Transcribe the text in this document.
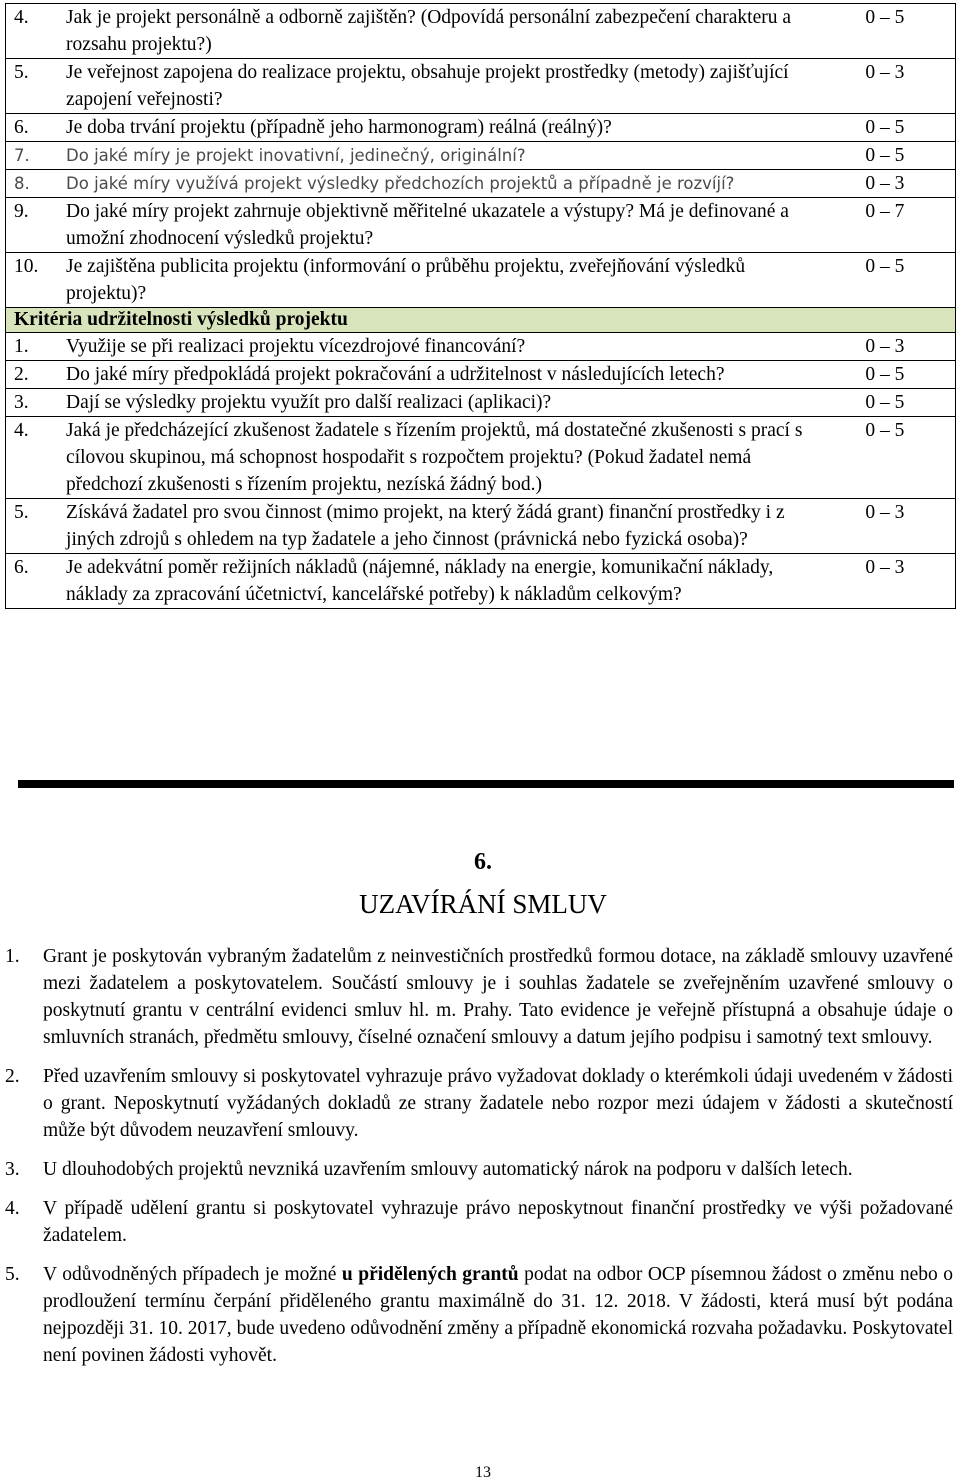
4.	Jak je projekt personálně a odborně zajištěn? (Odpovídá personální zabezpečení charakteru a rozsahu projektu?)	0 – 5
5.	Je veřejnost zapojena do realizace projektu, obsahuje projekt prostředky (metody) zajišťující zapojení veřejnosti?	0 – 3
6.	Je doba trvání projektu (případně jeho harmonogram) reálná (reálný)?	0 – 5
7.	Do jaké míry je projekt inovativní, jedinečný, originální?	0 – 5
8.	Do jaké míry využívá projekt výsledky předchozích projektů a případně je rozvíjí?	0 – 3
9.	Do jaké míry projekt zahrnuje objektivně měřitelné ukazatele a výstupy? Má je definované a umožní zhodnocení výsledků projektu?	0 – 7
10.	Je zajištěna publicita projektu (informování o průběhu projektu, zveřejňování výsledků projektu)?	0 – 5
Kritéria udržitelnosti výsledků projektu		
1.	Využije se při realizaci projektu vícezdrojové financování?	0 – 3
2.	Do jaké míry předpokládá projekt pokračování a udržitelnost v následujících letech?	0 – 5
3.	Dají se výsledky projektu využít pro další realizaci (aplikaci)?	0 – 5
4.	Jaká je předcházející zkušenost žadatele s řízením projektů, má dostatečné zkušenosti s prací s cílovou skupinou, má schopnost hospodařit s rozpočtem projektu? (Pokud žadatel nemá předchozí zkušenosti s řízením projektu, nezíská žádný bod.)	0 – 5
5.	Získává žadatel pro svou činnost (mimo projekt, na který žádá grant) finanční prostředky i z jiných zdrojů s ohledem na typ žadatele a jeho činnost (právnická nebo fyzická osoba)?	0 – 3
6.	Je adekvátní poměr režijních nákladů (nájemné, náklady na energie, komunikační náklady, náklady za zpracování účetnictví, kancelářské potřeby) k nákladům celkovým?	0 – 3
6.
UZAVÍRÁNÍ SMLUV
1.	Grant je poskytován vybraným žadatelům z neinvestičních prostředků formou dotace, na základě smlouvy uzavřené mezi žadatelem a poskytovatelem. Součástí smlouvy je i souhlas žadatele se zveřejněním uzavřené smlouvy o poskytnutí grantu v centrální evidenci smluv hl. m. Prahy. Tato evidence je veřejně přístupná a obsahuje údaje o smluvních stranách, předmětu smlouvy, číselné označení smlouvy a datum jejího podpisu i samotný text smlouvy.
2.	Před uzavřením smlouvy si poskytovatel vyhrazuje právo vyžadovat doklady o kterémkoli údaji uvedeném v žádosti o grant. Neposkytnutí vyžádaných dokladů ze strany žadatele nebo rozpor mezi údajem v žádosti a skutečností může být důvodem neuzavření smlouvy.
3.	U dlouhodobých projektů nevzniká uzavřením smlouvy automatický nárok na podporu v dalších letech.
4.	V případě udělení grantu si poskytovatel vyhrazuje právo neposkytnout finanční prostředky ve výši požadované žadatelem.
5.	V odůvodněných případech je možné u přidělených grantů podat na odbor OCP písemnou žádost o změnu nebo o prodloužení termínu čerpání přiděleného grantu maximálně do 31. 12. 2018. V žádosti, která musí být podána nejpozději 31. 10. 2017, bude uvedeno odůvodnění změny a případně ekonomická rozvaha požadavku. Poskytovatel není povinen žádosti vyhovět.
13
